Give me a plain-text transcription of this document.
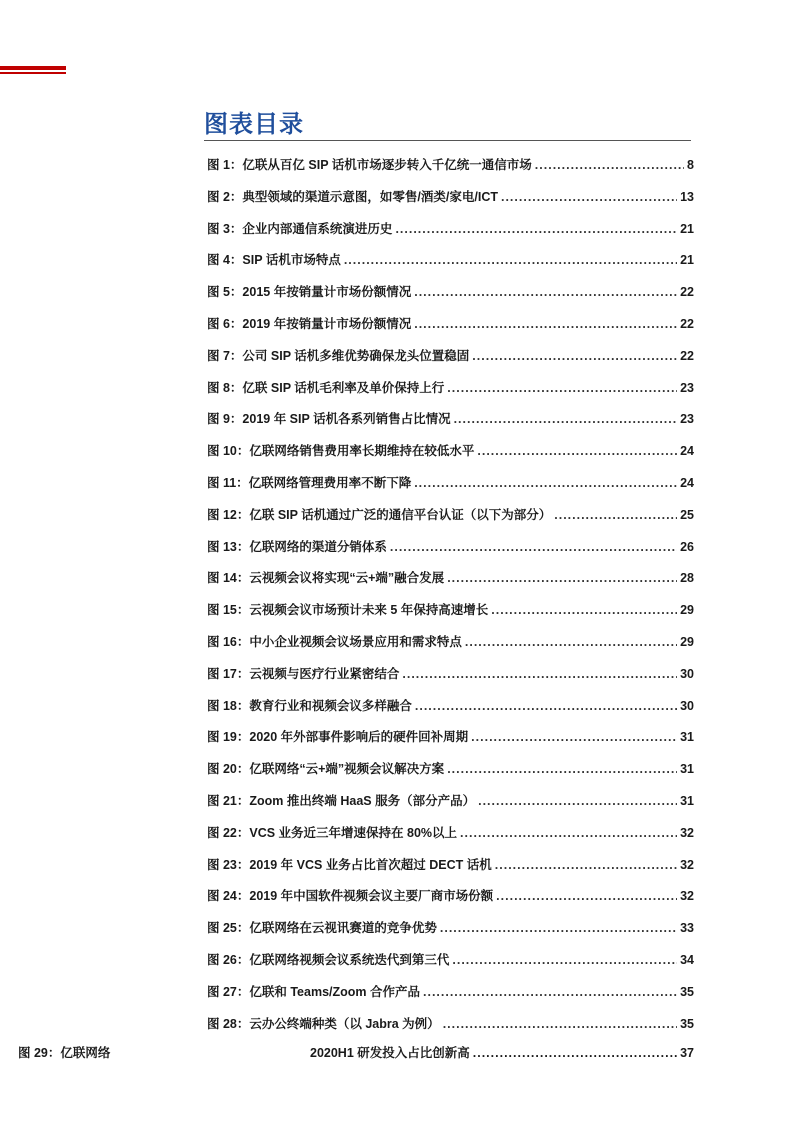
图表目录
图 1：亿联从百亿 SIP 话机市场逐步转入千亿统一通信市场 .....	8
图 2：典型领域的渠道示意图，如零售/酒类/家电/ICT .....	13
图 3：企业内部通信系统演进历史 .....	21
图 4：SIP 话机市场特点 .....	21
图 5：2015 年按销量计市场份额情况 .....	22
图 6：2019 年按销量计市场份额情况 .....	22
图 7：公司 SIP 话机多维优势确保龙头位置稳固 .....	22
图 8：亿联 SIP 话机毛利率及单价保持上行 .....	23
图 9：2019 年 SIP 话机各系列销售占比情况 .....	23
图 10：亿联网络销售费用率长期维持在较低水平 .....	24
图 11：亿联网络管理费用率不断下降 .....	24
图 12：亿联 SIP 话机通过广泛的通信平台认证（以下为部分） .....	25
图 13：亿联网络的渠道分销体系 .....	26
图 14：云视频会议将实现“云+端”融合发展 .....	28
图 15：云视频会议市场预计未来 5 年保持高速增长 .....	29
图 16：中小企业视频会议场景应用和需求特点 .....	29
图 17：云视频与医疗行业紧密结合 .....	30
图 18：教育行业和视频会议多样融合 .....	30
图 19：2020 年外部事件影响后的硬件回补周期 .....	31
图 20：亿联网络“云+端”视频会议解决方案 .....	31
图 21：Zoom 推出终端 HaaS 服务（部分产品） .....	31
图 22：VCS 业务近三年增速保持在 80%以上 .....	32
图 23：2019 年 VCS 业务占比首次超过 DECT 话机 .....	32
图 24：2019 年中国软件视频会议主要厂商市场份额 .....	32
图 25：亿联网络在云视讯赛道的竞争优势 .....	33
图 26：亿联网络视频会议系统迭代到第三代 .....	34
图 27：亿联和 Teams/Zoom 合作产品 .....	35
图 28：云办公终端种类（以 Jabra 为例） .....	35
图 29：亿联网络	2020H1 研发投入占比创新高 .....	37
